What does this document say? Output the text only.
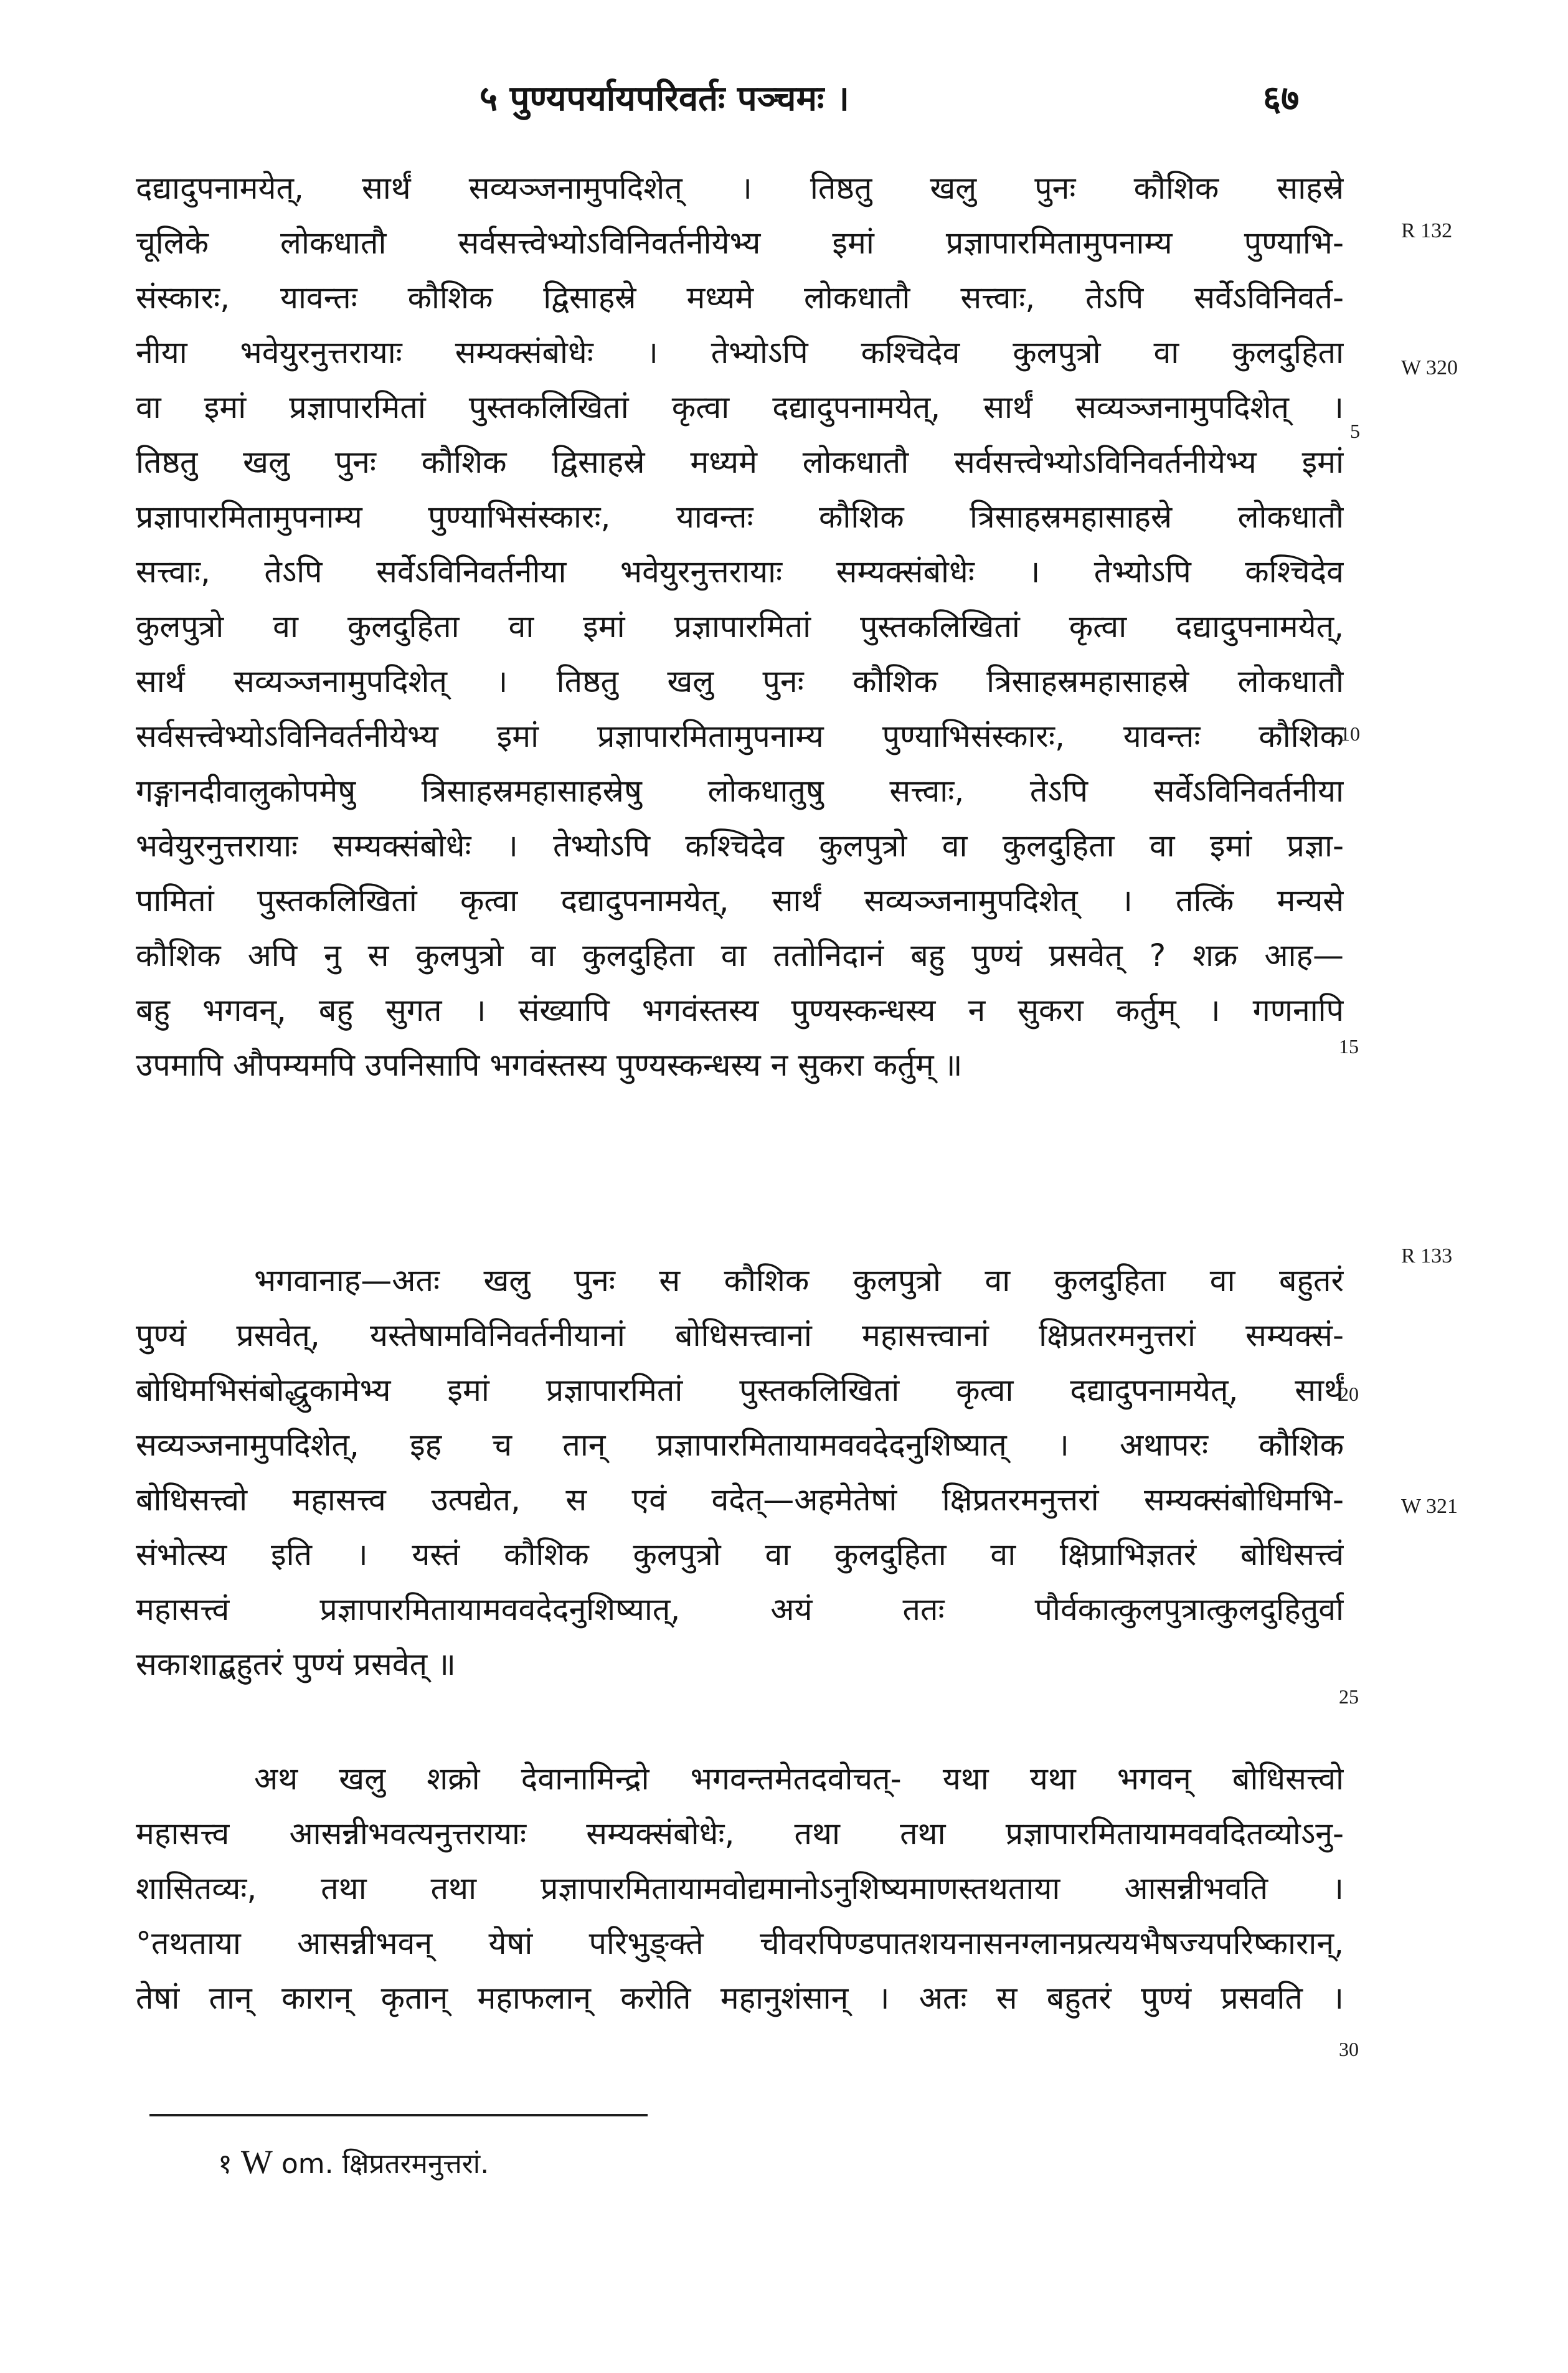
५ पुण्यपर्यायपरिवर्तः पञ्चमः ।	६७
दद्यादुपनामयेत्, सार्थं सव्यञ्जनामुपदिशेत् । तिष्ठतु खलु पुनः कौशिक साहस्रे
चूलिके लोकधातौ सर्वसत्त्वेभ्योऽविनिवर्तनीयेभ्य इमां प्रज्ञापारमितामुपनाम्य पुण्याभि-
संस्कारः, यावन्तः कौशिक द्विसाहस्रे मध्यमे लोकधातौ सत्त्वाः, तेऽपि सर्वेऽविनिवर्त-
नीया भवेयुरनुत्तरायाः सम्यक्संबोधेः । तेभ्योऽपि कश्चिदेव कुलपुत्रो वा कुलदुहिता
वा इमां प्रज्ञापारमितां पुस्तकलिखितां कृत्वा दद्यादुपनामयेत्, सार्थं सव्यञ्जनामुपदिशेत् ।
तिष्ठतु खलु पुनः कौशिक द्विसाहस्रे मध्यमे लोकधातौ सर्वसत्त्वेभ्योऽविनिवर्तनीयेभ्य इमां
प्रज्ञापारमितामुपनाम्य पुण्याभिसंस्कारः, यावन्तः कौशिक त्रिसाहस्रमहासाहस्रे लोकधातौ
सत्त्वाः, तेऽपि सर्वेऽविनिवर्तनीया भवेयुरनुत्तरायाः सम्यक्संबोधेः । तेभ्योऽपि कश्चिदेव
कुलपुत्रो वा कुलदुहिता वा इमां प्रज्ञापारमितां पुस्तकलिखितां कृत्वा दद्यादुपनामयेत्,
सार्थं सव्यञ्जनामुपदिशेत् । तिष्ठतु खलु पुनः कौशिक त्रिसाहस्रमहासाहस्रे लोकधातौ
सर्वसत्त्वेभ्योऽविनिवर्तनीयेभ्य इमां प्रज्ञापारमितामुपनाम्य पुण्याभिसंस्कारः, यावन्तः कौशिक
गङ्गानदीवालुकोपमेषु त्रिसाहस्रमहासाहस्रेषु लोकधातुषु सत्त्वाः, तेऽपि सर्वेऽविनिवर्तनीया
भवेयुरनुत्तरायाः सम्यक्संबोधेः । तेभ्योऽपि कश्चिदेव कुलपुत्रो वा कुलदुहिता वा इमां प्रज्ञा-
पामितां पुस्तकलिखितां कृत्वा दद्यादुपनामयेत्, सार्थं सव्यञ्जनामुपदिशेत् । तत्किं मन्यसे
कौशिक अपि नु स कुलपुत्रो वा कुलदुहिता वा ततोनिदानं बहु पुण्यं प्रसवेत् ? शक्र आह—
बहु भगवन्, बहु सुगत । संख्यापि भगवंस्तस्य पुण्यस्कन्धस्य न सुकरा कर्तुम् । गणनापि
उपमापि औपम्यमपि उपनिसापि भगवंस्तस्य पुण्यस्कन्धस्य न सुकरा कर्तुम् ॥
भगवानाह—अतः खलु पुनः स कौशिक कुलपुत्रो वा कुलदुहिता वा बहुतरं
पुण्यं प्रसवेत्, यस्तेषामविनिवर्तनीयानां बोधिसत्त्वानां महासत्त्वानां क्षिप्रतरमनुत्तरां सम्यक्सं-
बोधिमभिसंबोद्धुकामेभ्य इमां प्रज्ञापारमितां पुस्तकलिखितां कृत्वा दद्यादुपनामयेत्, सार्थं
सव्यञ्जनामुपदिशेत्, इह च तान् प्रज्ञापारमितायामववदेदनुशिष्यात् । अथापरः कौशिक
बोधिसत्त्वो महासत्त्व उत्पद्येत, स एवं वदेत्—अहमेतेषां क्षिप्रतरमनुत्तरां सम्यक्संबोधिमभि-
संभोत्स्य इति । यस्तं कौशिक कुलपुत्रो वा कुलदुहिता वा क्षिप्राभिज्ञतरं बोधिसत्त्वं
महासत्त्वं प्रज्ञापारमितायामववदेदनुशिष्यात्, अयं ततः पौर्वकात्कुलपुत्रात्कुलदुहितुर्वा
सकाशाद्बहुतरं पुण्यं प्रसवेत् ॥
अथ खलु शक्रो देवानामिन्द्रो भगवन्तमेतदवोचत्- यथा यथा भगवन् बोधिसत्त्वो
महासत्त्व आसन्नीभवत्यनुत्तरायाः सम्यक्संबोधेः, तथा तथा प्रज्ञापारमितायामववदितव्योऽनु-
शासितव्यः, तथा तथा प्रज्ञापारमितायामवोद्यमानोऽनुशिष्यमाणस्तथताया आसन्नीभवति ।
°तथताया आसन्नीभवन् येषां परिभुङ्क्ते चीवरपिण्डपातशयनासनग्लानप्रत्ययभैषज्यपरिष्कारान्,
तेषां तान् कारान् कृतान् महाफलान् करोति महानुशंसान् । अतः स बहुतरं पुण्यं प्रसवति ।
R 132
W 320
R 133
W 321
5
10
15
20
25
30
१ W om. क्षिप्रतरमनुत्तरां.
